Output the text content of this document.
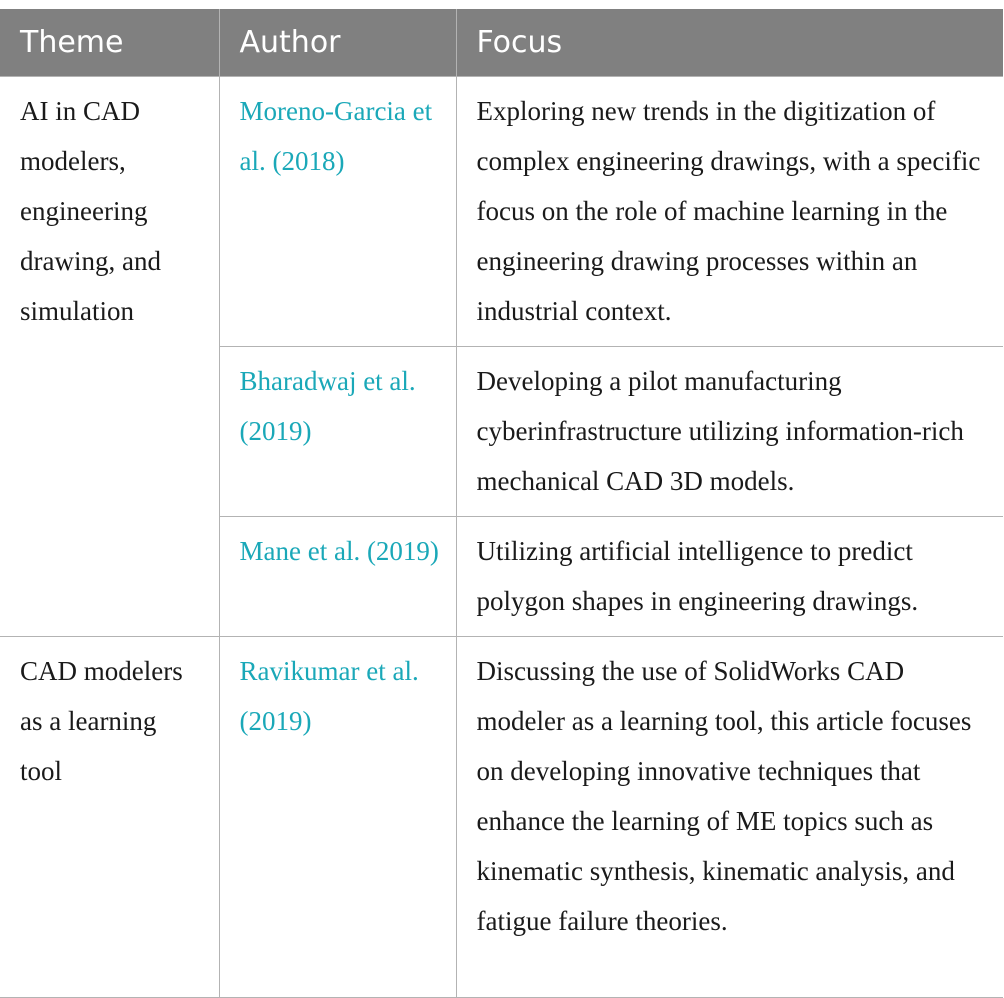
Theme	Author	Focus

AI in CAD modelers, engineering drawing, and simulation	Moreno-Garcia et al. (2018)	Exploring new trends in the digitization of complex engineering drawings, with a specific focus on the role of machine learning in the engineering drawing processes within an industrial context.

	Bharadwaj et al. (2019)	Developing a pilot manufacturing cyberinfrastructure utilizing information-rich mechanical CAD 3D models.

	Mane et al. (2019)	Utilizing artificial intelligence to predict polygon shapes in engineering drawings.

CAD modelers as a learning tool	Ravikumar et al. (2019)	Discussing the use of SolidWorks CAD modeler as a learning tool, this article focuses on developing innovative techniques that enhance the learning of ME topics such as kinematic synthesis, kinematic analysis, and fatigue failure theories.
